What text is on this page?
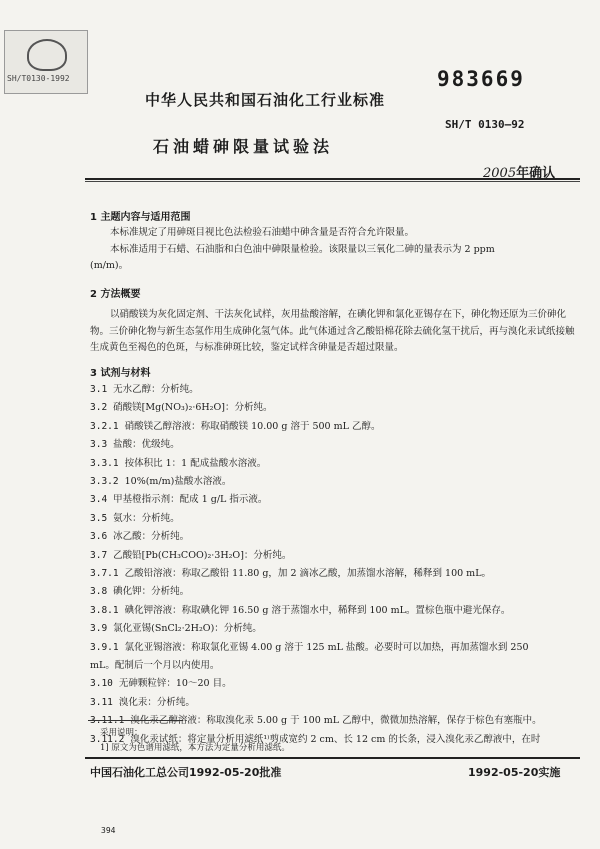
SH/T0130-1992	983669
中华人民共和国石油化工行业标准
SH/T 0130—92
石油蜡砷限量试验法
2005年确认
1 主题内容与适用范围

本标准规定了用砷斑目视比色法检验石油蜡中砷含量是否符合允许限量。

本标准适用于石蜡、石油脂和白色油中砷限量检验。该限量以三氧化二砷的量表示为 2 ppm

(m/m)。
2 方法概要

以硝酸镁为灰化固定剂、干法灰化试样，灰用盐酸溶解，在碘化钾和氯化亚锡存在下，砷化物还原为三价砷化物。三价砷化物与新生态氢作用生成砷化氢气体。此气体通过含乙酸铅棉花除去硫化氢干扰后，再与溴化汞试纸接触生成黄色至褐色的色斑，与标准砷斑比较，鉴定试样含砷量是否超过限量。

3 试剂与材料
3.1 无水乙醇：分析纯。
3.2 硝酸镁[Mg(NO₃)₂·6H₂O]：分析纯。
3.2.1 硝酸镁乙醇溶液：称取硝酸镁 10.00 g 溶于 500 mL 乙醇。
3.3 盐酸：优级纯。
3.3.1 按体积比 1：1 配成盐酸水溶液。
3.3.2 10%(m/m)盐酸水溶液。
3.4 甲基橙指示剂：配成 1 g/L 指示液。
3.5 氨水：分析纯。
3.6 冰乙酸：分析纯。
3.7 乙酸铅[Pb(CH₃COO)₂·3H₂O]：分析纯。
3.7.1 乙酸铅溶液：称取乙酸铅 11.80 g，加 2 滴冰乙酸，加蒸馏水溶解，稀释到 100 mL。
3.8 碘化钾：分析纯。
3.8.1 碘化钾溶液：称取碘化钾 16.50 g 溶于蒸馏水中，稀释到 100 mL。置棕色瓶中避光保存。
3.9 氯化亚锡(SnCl₂·2H₂O)：分析纯。
3.9.1 氯化亚锡溶液：称取氯化亚锡 4.00 g 溶于 125 mL 盐酸。必要时可以加热，再加蒸馏水到 250
mL。配制后一个月以内使用。
3.10 无砷颗粒锌：10～20 目。
3.11 溴化汞：分析纯。
3.11.1 溴化汞乙醇溶液：称取溴化汞 5.00 g 于 100 mL 乙醇中，微微加热溶解，保存于棕色有塞瓶中。
3.11.2 溴化汞试纸：将定量分析用滤纸¹⁾剪成宽约 2 cm、长 12 cm 的长条，浸入溴化汞乙醇液中，在时
采用说明：
1] 原文为色谱用滤纸，本方法为定量分析用滤纸。
中国石油化工总公司1992-05-20批准	1992-05-20实施
394
